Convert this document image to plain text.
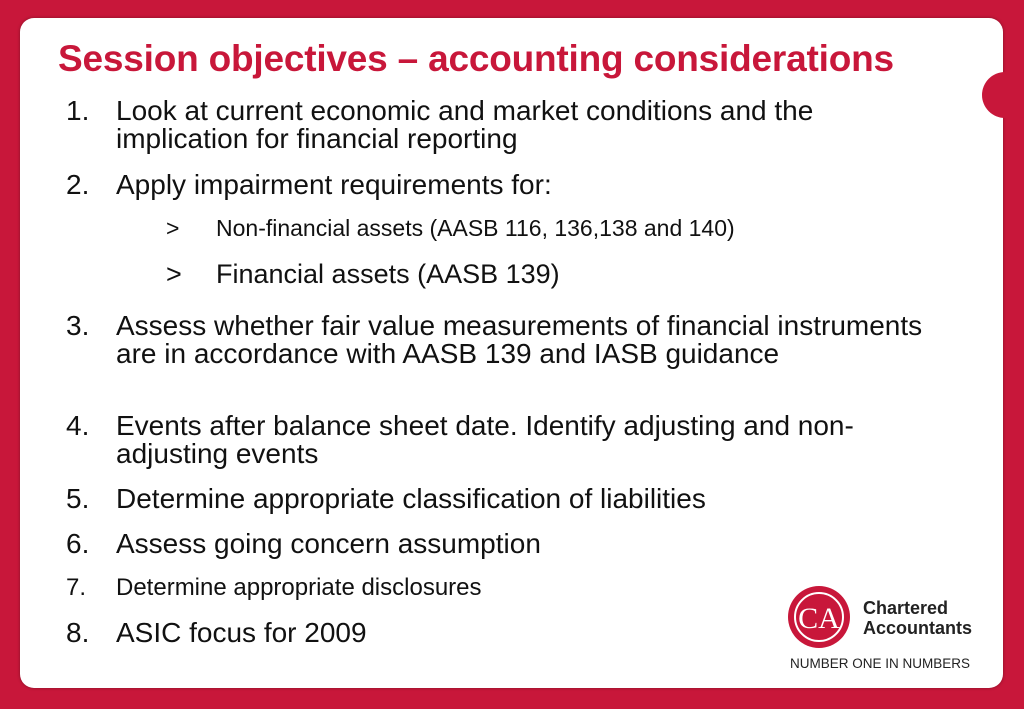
Session objectives – accounting considerations
1. Look at current economic and market conditions and the implication for financial reporting
2. Apply impairment requirements for:
>	Non-financial assets (AASB 116, 136,138 and 140)
>	Financial assets (AASB 139)
3. Assess whether fair value measurements of financial instruments are in accordance with AASB 139 and IASB guidance
4. Events after balance sheet date. Identify adjusting and non-adjusting events
5. Determine appropriate classification of liabilities
6. Assess going concern assumption
7.	Determine appropriate disclosures
8. ASIC focus for 2009	CA Chartered
Accountants
NUMBER ONE IN NUMBERS
